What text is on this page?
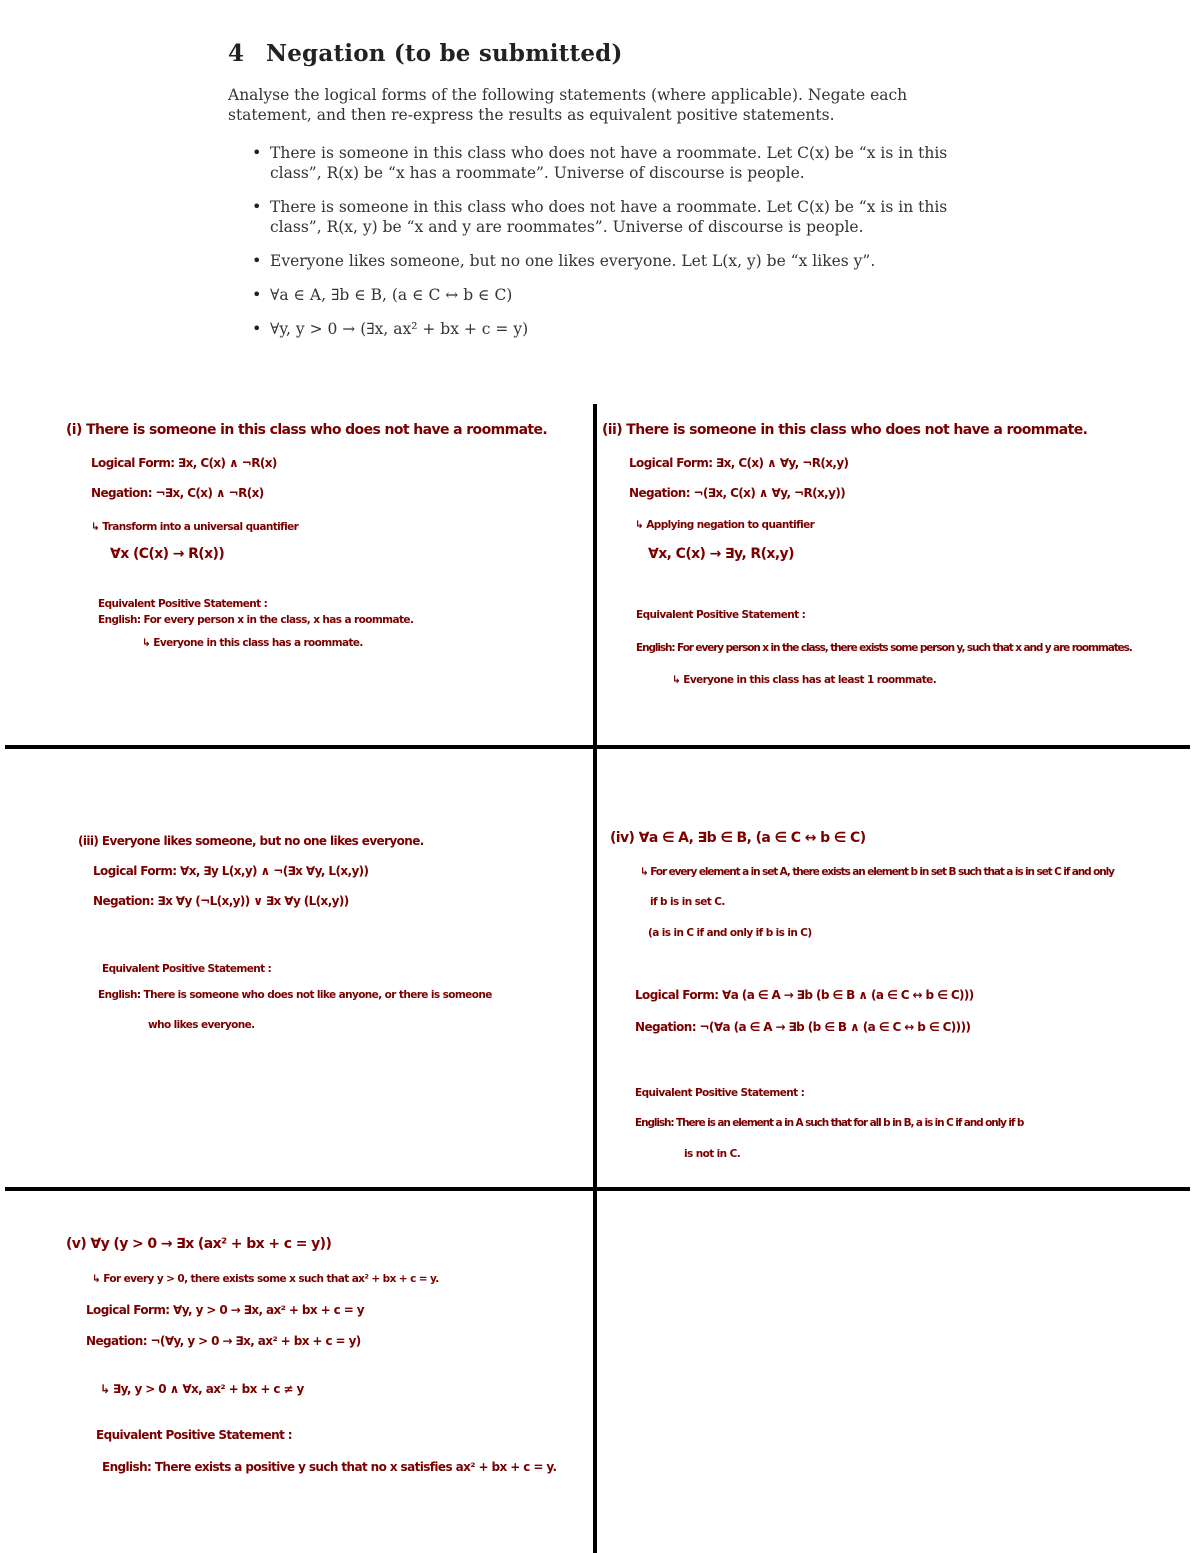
4 Negation (to be submitted)

Analyse the logical forms of the following statements (where applicable). Negate each statement, and then re-express the results as equivalent positive statements.

• There is someone in this class who does not have a roommate. Let C(x) be “x is in this class”, R(x) be “x has a roommate”. Universe of discourse is people.
• There is someone in this class who does not have a roommate. Let C(x) be “x is in this class”, R(x, y) be “x and y are roommates”. Universe of discourse is people.
• Everyone likes someone, but no one likes everyone. Let L(x, y) be “x likes y”.
• ∀a ∈ A, ∃b ∈ B, (a ∈ C ↔ b ∈ C)
• ∀y, y > 0 → (∃x, ax² + bx + c = y)
(i) There is someone in this class who does not have a roommate.
Logical Form: ∃x, C(x) ∧ ¬R(x)
Negation: ¬∃x, C(x) ∧ ¬R(x)
↳ Transform into a universal quantifier
∀x (C(x) → R(x))
Equivalent Positive Statement :
English: For every person x in the class, x has a roommate.
↳ Everyone in this class has a roommate.
(ii) There is someone in this class who does not have a roommate.
Logical Form: ∃x, C(x) ∧ ∀y, ¬R(x,y)
Negation: ¬(∃x, C(x) ∧ ∀y, ¬R(x,y))
↳ Applying negation to quantifier
∀x, C(x) → ∃y, R(x,y)
Equivalent Positive Statement :
English: For every person x in the class, there exists some person y, such that x and y are roommates.
↳ Everyone in this class has at least 1 roommate.
(iii) Everyone likes someone, but no one likes everyone.
Logical Form: ∀x, ∃y L(x,y) ∧ ¬(∃x ∀y, L(x,y))
Negation: ∃x ∀y (¬L(x,y)) ∨ ∃x ∀y (L(x,y))
Equivalent Positive Statement :
English: There is someone who does not like anyone, or there is someone
who likes everyone.
(iv) ∀a ∈ A, ∃b ∈ B, (a ∈ C ↔ b ∈ C)
↳ For every element a in set A, there exists an element b in set B such that a is in set C if and only
if b is in set C.
(a is in C if and only if b is in C)
Logical Form: ∀a (a ∈ A → ∃b (b ∈ B ∧ (a ∈ C ↔ b ∈ C)))
Negation: ¬(∀a (a ∈ A → ∃b (b ∈ B ∧ (a ∈ C ↔ b ∈ C))))
Equivalent Positive Statement :
English: There is an element a in A such that for all b in B, a is in C if and only if b
is not in C.
(v) ∀y (y > 0 → ∃x (ax² + bx + c = y))
↳ For every y > 0, there exists some x such that ax² + bx + c = y.
Logical Form: ∀y, y > 0 → ∃x, ax² + bx + c = y
Negation: ¬(∀y, y > 0 → ∃x, ax² + bx + c = y)
↳ ∃y, y > 0 ∧ ∀x, ax² + bx + c ≠ y
Equivalent Positive Statement :
English: There exists a positive y such that no x satisfies ax² + bx + c = y.
